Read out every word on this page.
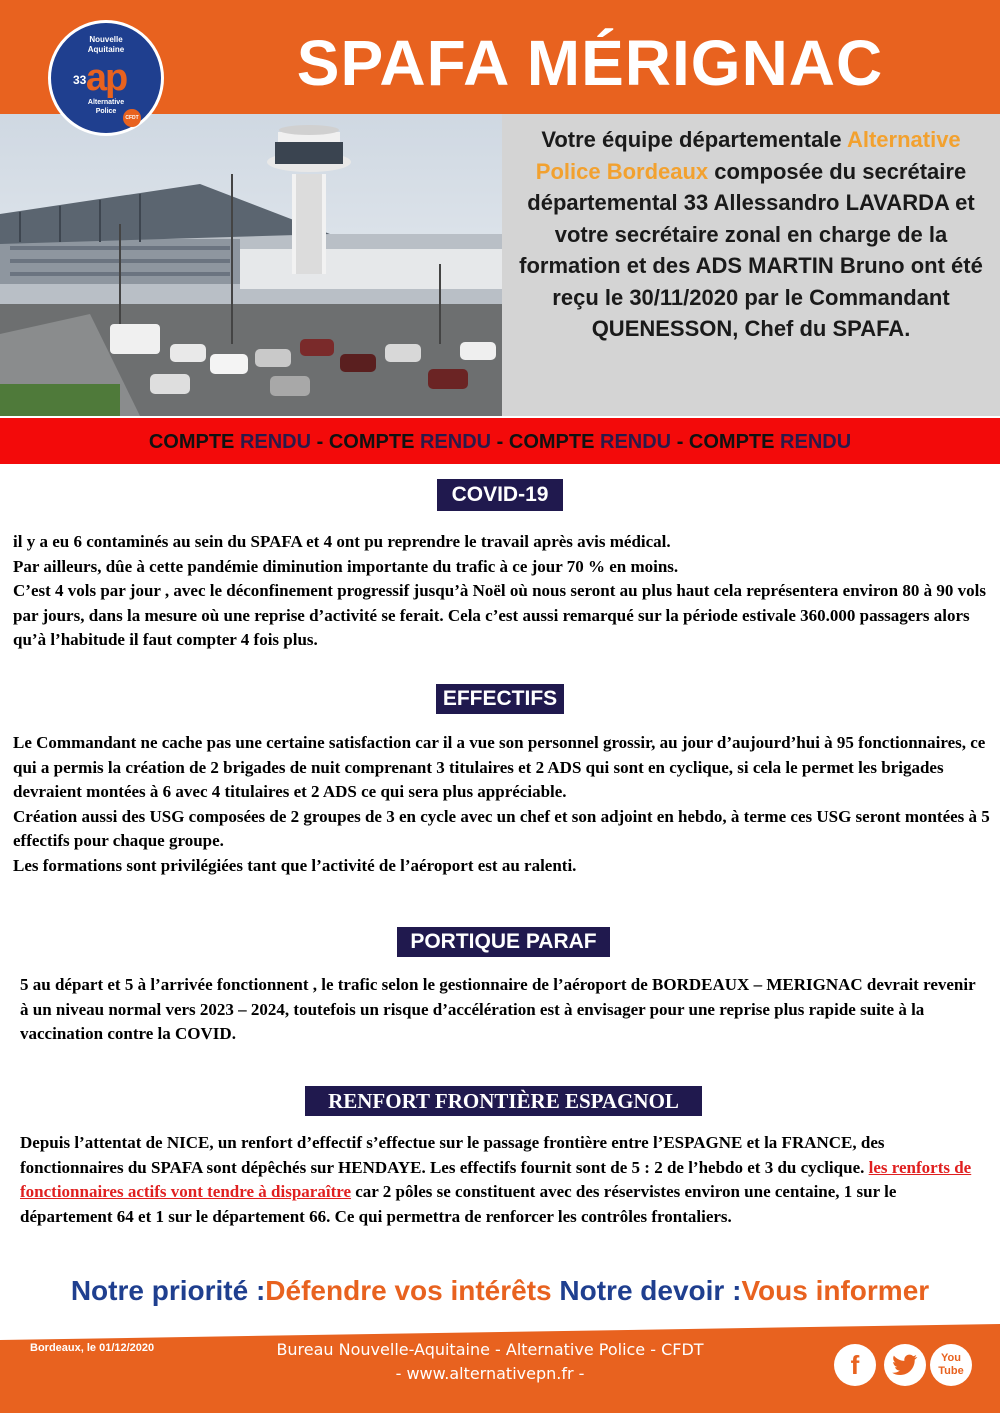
Nouvelle
Aquitaine
ap
33
Alternative
Police
CFDT
SPAFA MÉRIGNAC
Votre équipe départementale Alternative Police Bordeaux composée du secrétaire départemental 33 Allessandro LAVARDA et votre secrétaire zonal en charge de la formation et des ADS MARTIN Bruno ont été reçu le 30/11/2020 par le Commandant QUENESSON, Chef du SPAFA.
COMPTE RENDU - COMPTE RENDU - COMPTE RENDU - COMPTE RENDU
COVID-19

il y a eu 6 contaminés au sein du SPAFA et 4 ont pu reprendre le travail après avis médical.

Par ailleurs, dûe à cette pandémie diminution importante du trafic à ce jour 70 % en moins.

C’est 4 vols par jour , avec le déconfinement progressif jusqu’à Noël où nous seront au plus haut cela représentera environ 80 à 90 vols par jours, dans la mesure où une reprise d’activité se ferait. Cela c’est aussi remarqué sur la période estivale 360.000 passagers alors qu’à l’habitude il faut compter 4 fois plus.

EFFECTIFS

Le Commandant ne cache pas une certaine satisfaction car il a vue son personnel grossir, au jour d’aujourd’hui à 95 fonctionnaires, ce qui a permis la création de 2 brigades de nuit comprenant 3 titulaires et 2 ADS qui sont en cyclique, si cela le permet les brigades devraient montées à 6 avec 4 titulaires et 2 ADS ce qui sera plus appréciable.

Création aussi des USG composées de 2 groupes de 3 en cycle avec un chef et son adjoint en hebdo, à terme ces USG seront montées à 5 effectifs pour chaque groupe.

Les formations sont privilégiées tant que l’activité de l’aéroport est au ralenti.

PORTIQUE PARAF
5 au départ et 5 à l’arrivée fonctionnent , le trafic selon le gestionnaire de l’aéroport de BORDEAUX – MERIGNAC devrait revenir à un niveau normal vers 2023 – 2024, toutefois un risque d’accélération est à envisager pour une reprise plus rapide suite à la vaccination contre la COVID.
RENFORT FRONTIÈRE ESPAGNOL
Depuis l’attentat de NICE, un renfort d’effectif s’effectue sur le passage frontière entre l’ESPAGNE et la FRANCE, des fonctionnaires du SPAFA sont dépêchés sur HENDAYE. Les effectifs fournit sont de 5 : 2 de l’hebdo et 3 du cyclique. les renforts de fonctionnaires actifs vont tendre à disparaître car 2 pôles se constituent avec des réservistes environ une centaine, 1 sur le département 64 et 1 sur le département 66. Ce qui permettra de renforcer les contrôles frontaliers.
Notre priorité :Défendre vos intérêts Notre devoir :Vous informer
Bordeaux, le 01/12/2020	Bureau Nouvelle-Aquitaine - Alternative Police - CFDT
- www.alternativepn.fr -	f	You
Tube
